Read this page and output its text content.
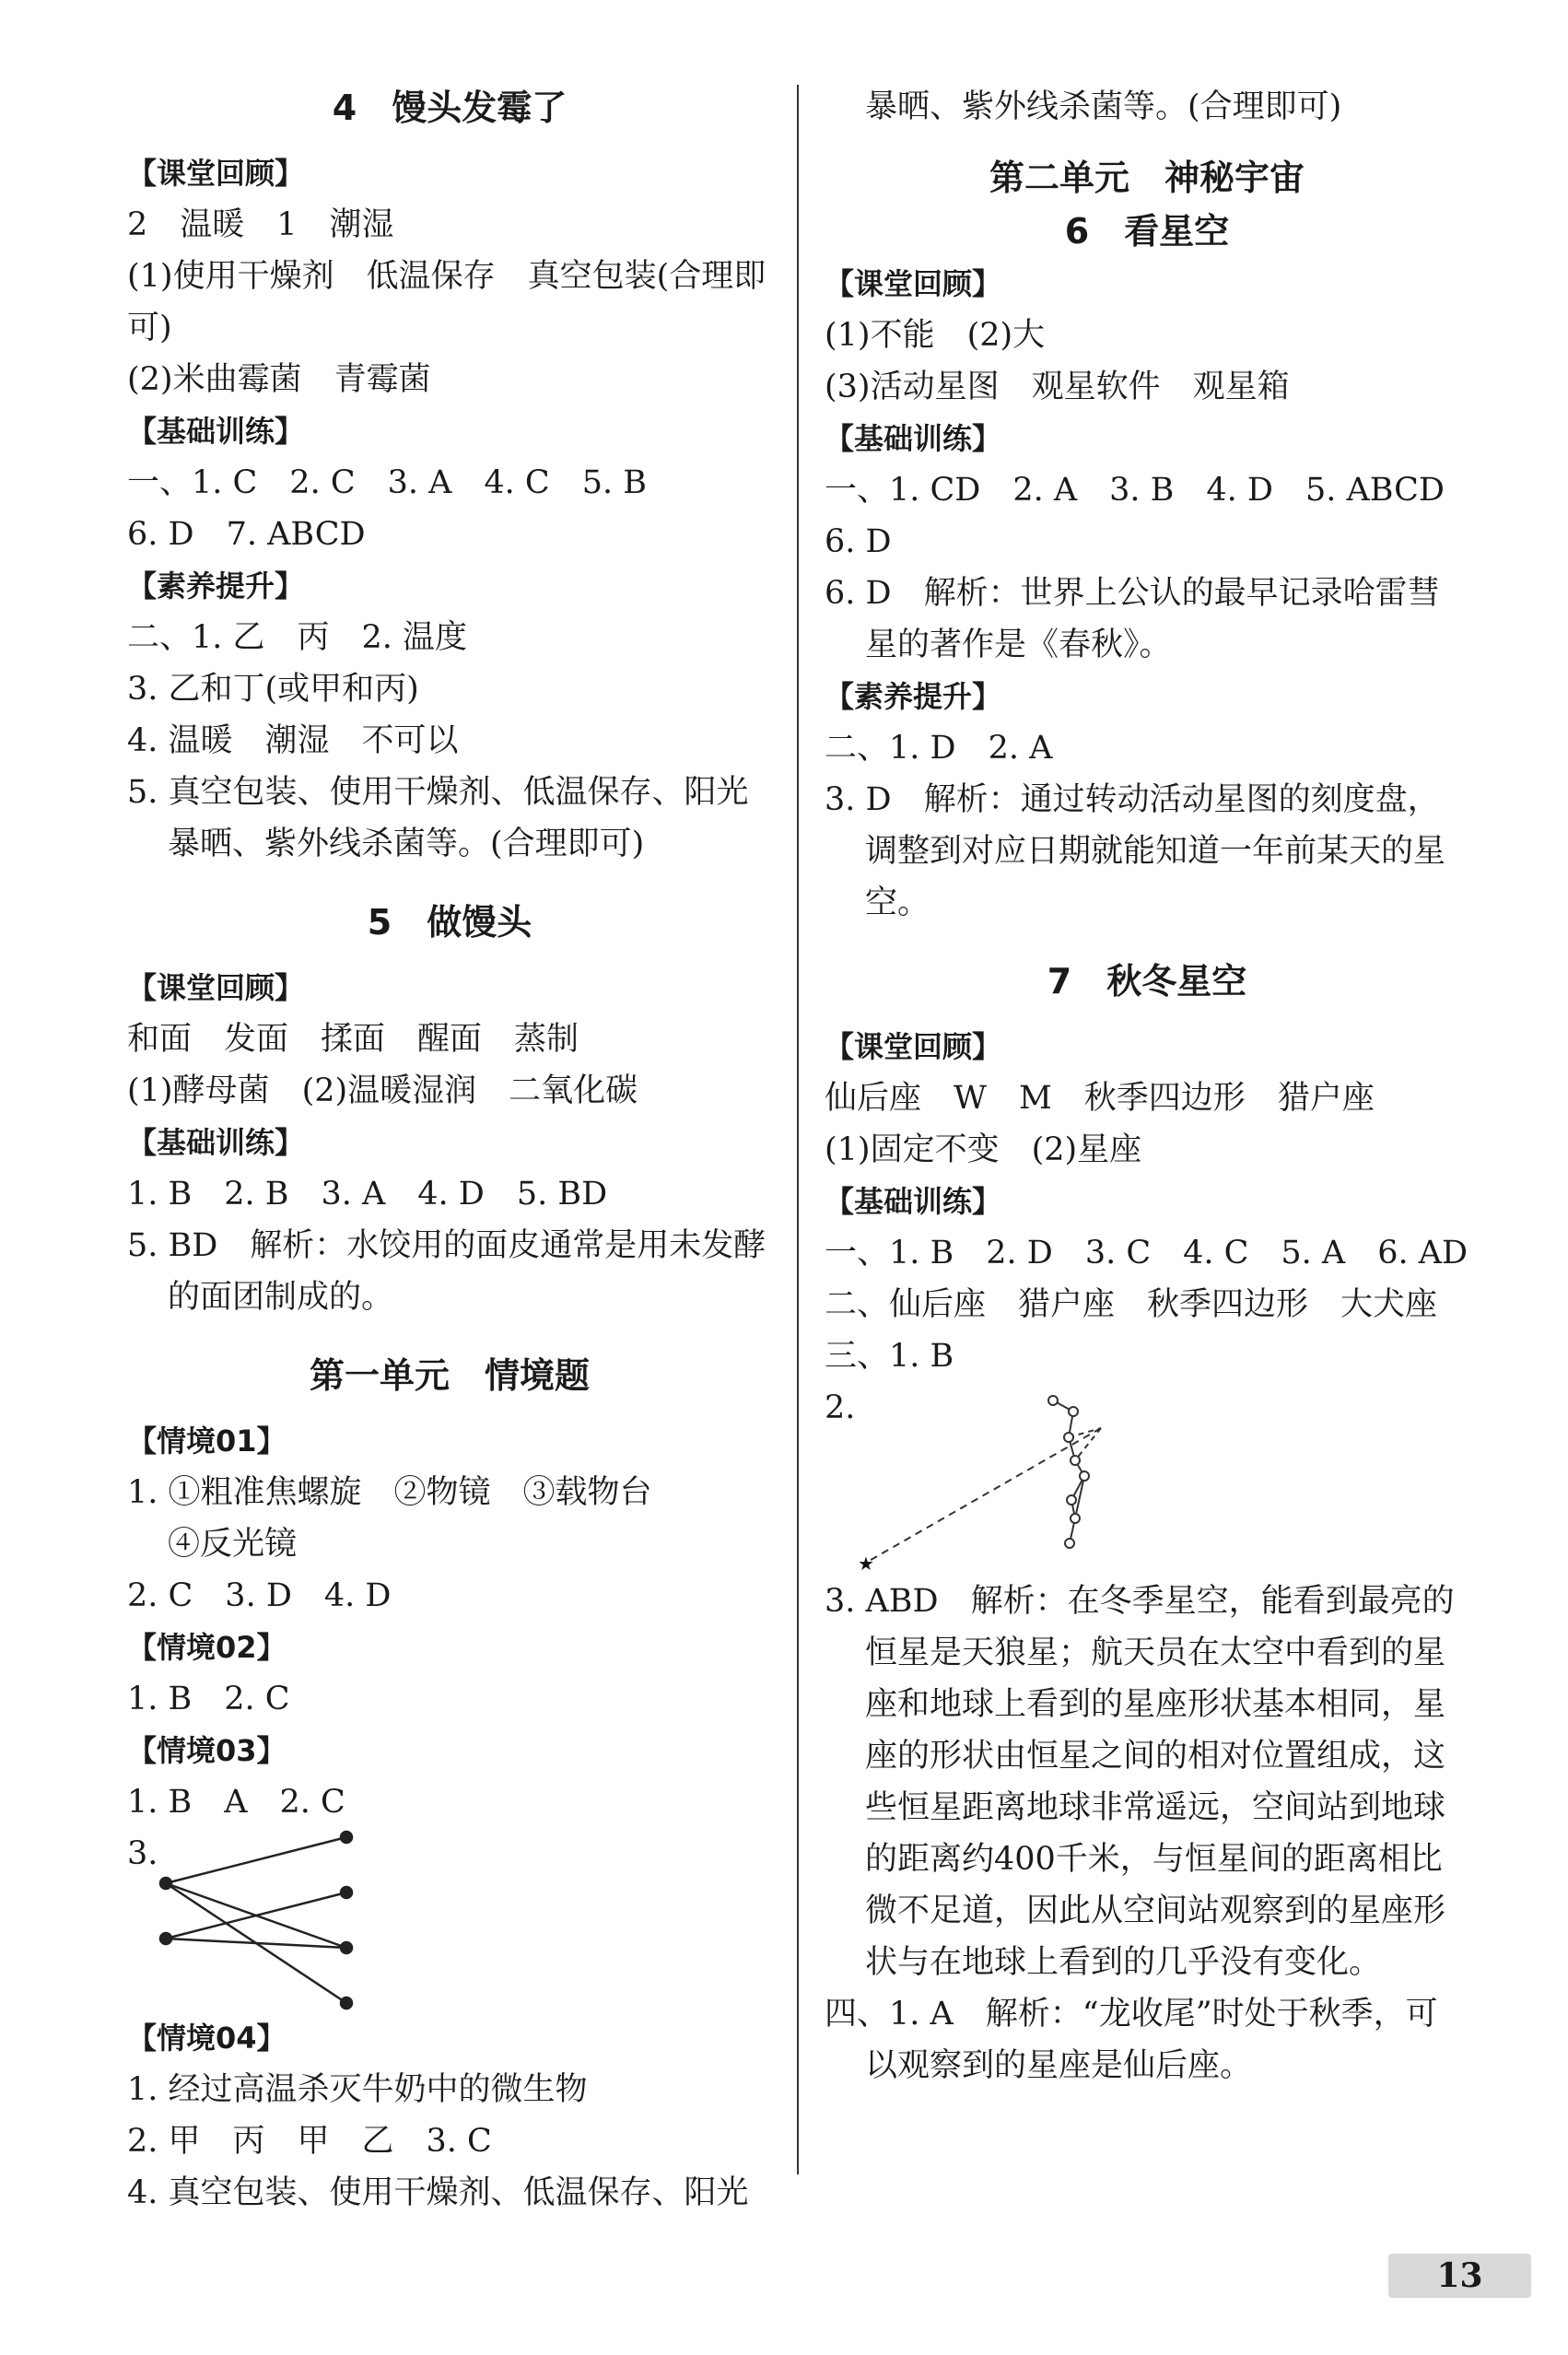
4　馒头发霉了
【课堂回顾】
2　温暖　1　潮湿
(1)使用干燥剂　低温保存　真空包装(合理即可)
(2)米曲霉菌　青霉菌
【基础训练】
一、1. C　2. C　3. A　4. C　5. B
6. D　7. ABCD
【素养提升】
二、1. 乙　丙　2. 温度
3. 乙和丁(或甲和丙)
4. 温暖　潮湿　不可以
5. 真空包装、使用干燥剂、低温保存、阳光暴晒、紫外线杀菌等。(合理即可)
5　做馒头
【课堂回顾】
和面　发面　揉面　醒面　蒸制
(1)酵母菌　(2)温暖湿润　二氧化碳
【基础训练】
1. B　2. B　3. A　4. D　5. BD
5. BD　解析：水饺用的面皮通常是用未发酵的面团制成的。
第一单元　情境题
【情境01】
1. ①粗准焦螺旋　②物镜　③载物台
④反光镜
2. C　3. D　4. D
【情境02】
1. B　2. C
【情境03】
1. B　A　2. C
3.
【情境04】
1. 经过高温杀灭牛奶中的微生物
2. 甲　丙　甲　乙　3. C
4. 真空包装、使用干燥剂、低温保存、阳光
暴晒、紫外线杀菌等。(合理即可)
第二单元　神秘宇宙
6　看星空
【课堂回顾】
(1)不能　(2)大
(3)活动星图　观星软件　观星箱
【基础训练】
一、1. CD　2. A　3. B　4. D　5. ABCD
6. D
6. D　解析：世界上公认的最早记录哈雷彗星的著作是《春秋》。
【素养提升】
二、1. D　2. A
3. D　解析：通过转动活动星图的刻度盘，调整到对应日期就能知道一年前某天的星空。
7　秋冬星空
【课堂回顾】
仙后座　W　M　秋季四边形　猎户座
(1)固定不变　(2)星座
【基础训练】
一、1. B　2. D　3. C　4. C　5. A　6. AD
二、仙后座　猎户座　秋季四边形　大犬座
三、1. B
2.
★
3. ABD　解析：在冬季星空，能看到最亮的恒星是天狼星；航天员在太空中看到的星座和地球上看到的星座形状基本相同，星座的形状由恒星之间的相对位置组成，这些恒星距离地球非常遥远，空间站到地球的距离约400千米，与恒星间的距离相比微不足道，因此从空间站观察到的星座形状与在地球上看到的几乎没有变化。
四、1. A　解析：“龙收尾”时处于秋季，可以观察到的星座是仙后座。
13
